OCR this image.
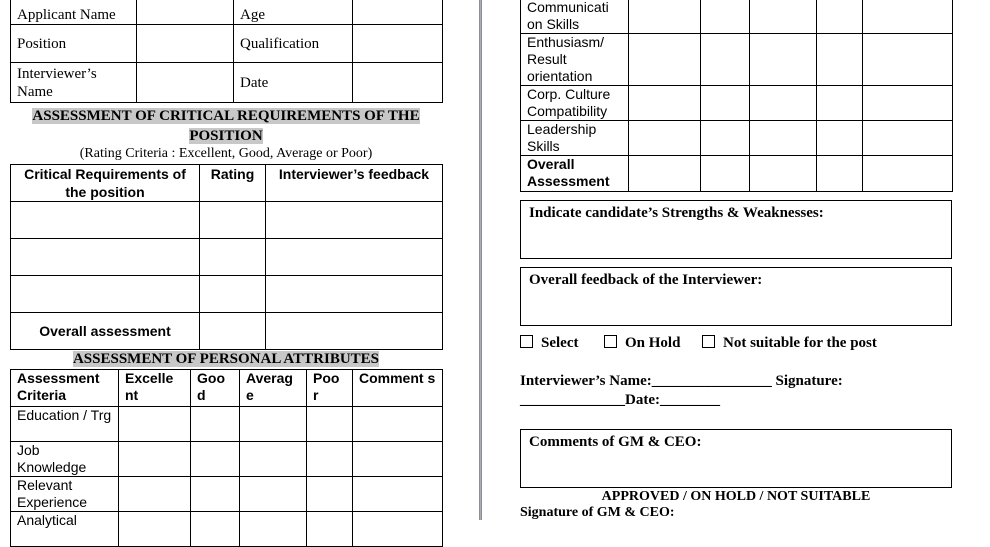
Applicant Name		Age	
Position		Qualification	
Interviewer’s Name		Date	
ASSESSMENT OF CRITICAL REQUIREMENTS OF THE POSITION
(Rating Criteria : Excellent, Good, Average or Poor)
Critical Requirements of the position	Rating	Interviewer’s feedback

Overall assessment		
ASSESSMENT OF PERSONAL ATTRIBUTES
Assessment Criteria	Excelle nt	Goo d	Averag e	Poo r	Comment s
Education / Trg					
Job Knowledge					
Relevant Experience					
Analytical					
Communicati on Skills					
Enthusiasm/ Result orientation					
Corp. Culture Compatibility					
Leadership Skills					
Overall Assessment					
Indicate candidate’s Strengths & Weaknesses:
Overall feedback of the Interviewer:
Select	On Hold	Not suitable for the post
Interviewer’s Name:________________ Signature:
______________Date:________
Comments of GM & CEO:
APPROVED / ON HOLD / NOT SUITABLE
Signature of GM & CEO:
